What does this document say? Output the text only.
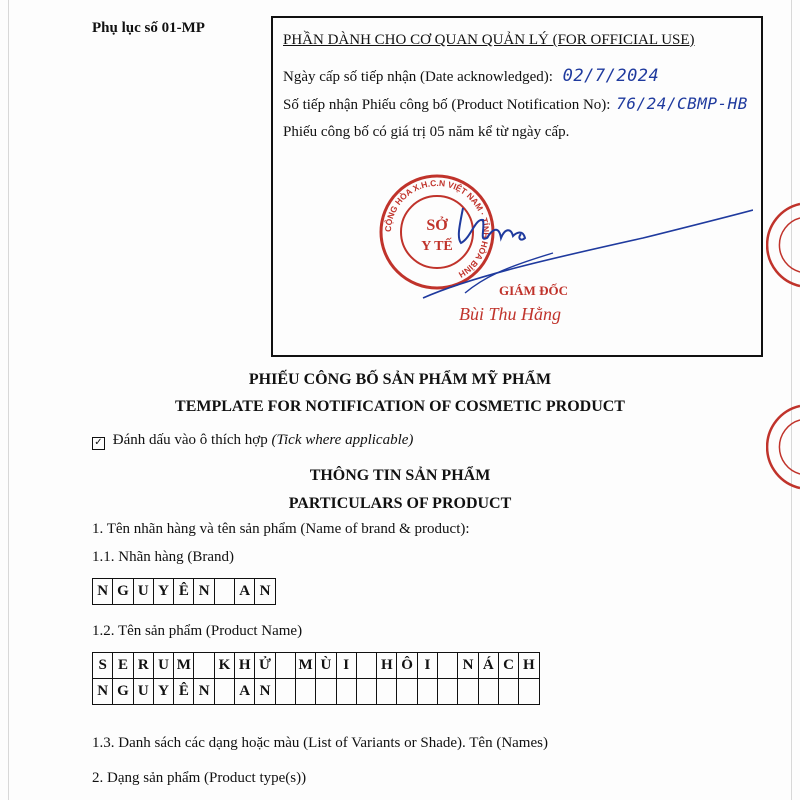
Phụ lục số 01-MP
PHẦN DÀNH CHO CƠ QUAN QUẢN LÝ (FOR OFFICIAL USE)
Ngày cấp số tiếp nhận (Date acknowledged): 02/7/2024
Số tiếp nhận Phiếu công bố (Product Notification No): 76/24/CBMP-HB
Phiếu công bố có giá trị 05 năm kể từ ngày cấp.
CỘNG HÒA X.H.C.N VIỆT NAM · TỈNH HÒA BÌNH
SỞ
Y TẾ
GIÁM ĐỐC
Bùi Thu Hằng
PHIẾU CÔNG BỐ SẢN PHẨM MỸ PHẨM
TEMPLATE FOR NOTIFICATION OF COSMETIC PRODUCT
✓ Đánh dấu vào ô thích hợp (Tick where applicable)
THÔNG TIN SẢN PHẨM
PARTICULARS OF PRODUCT
1. Tên nhãn hàng và tên sản phẩm (Name of brand & product):
1.1. Nhãn hàng (Brand)
N	G	U	Y	Ê	N		A	N
1.2. Tên sản phẩm (Product Name)
S	E	R	U	M		K	H	Ử		M	Ù	I		H	Ô	I		N	Á	C	H
N	G	U	Y	Ê	N		A	N													
1.3. Danh sách các dạng hoặc màu (List of Variants or Shade). Tên (Names)
2. Dạng sản phẩm (Product type(s))
